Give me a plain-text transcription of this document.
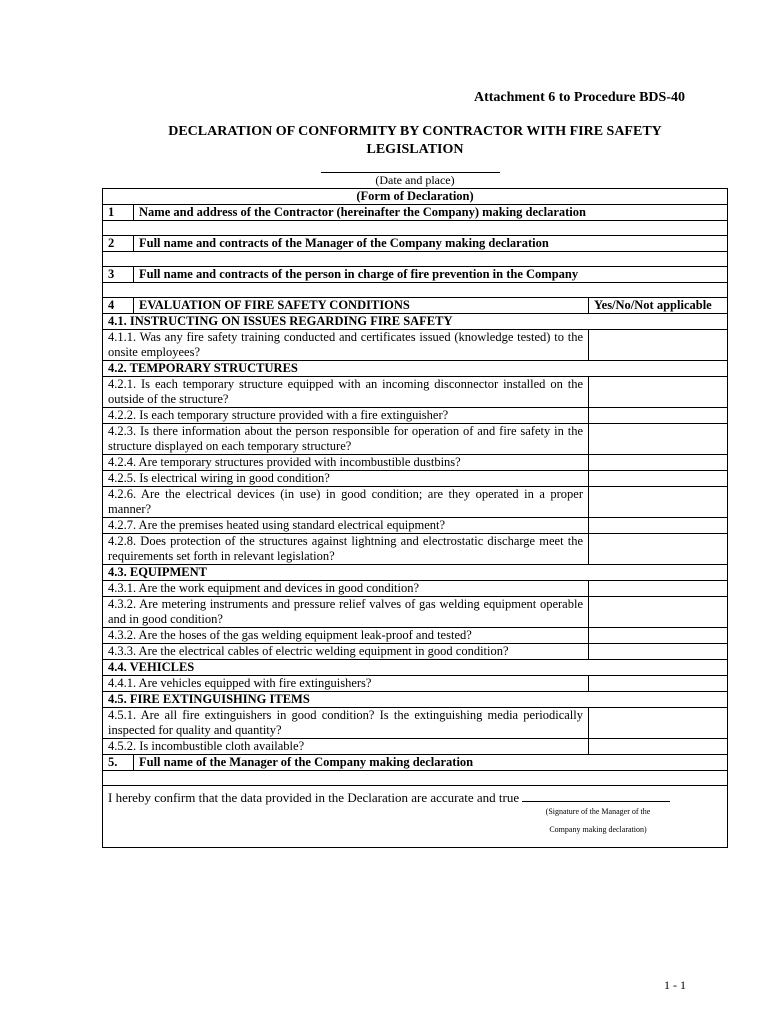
Attachment 6 to Procedure BDS-40
DECLARATION OF CONFORMITY BY CONTRACTOR WITH FIRE SAFETY
LEGISLATION
(Date and place)
(Form of Declaration)		
1	Name and address of the Contractor (hereinafter the Company) making declaration	

2	Full name and contracts of the Manager of the Company making declaration	

3	Full name and contracts of the person in charge of fire prevention in the Company	

4	EVALUATION OF FIRE SAFETY CONDITIONS	Yes/No/Not applicable
4.1. INSTRUCTING ON ISSUES REGARDING FIRE SAFETY		
4.1.1. Was any fire safety training conducted and certificates issued (knowledge tested) to the onsite employees?		
4.2. TEMPORARY STRUCTURES		
4.2.1. Is each temporary structure equipped with an incoming disconnector installed on the outside of the structure?		
4.2.2. Is each temporary structure provided with a fire extinguisher?		
4.2.3. Is there information about the person responsible for operation of and fire safety in the structure displayed on each temporary structure?		
4.2.4. Are temporary structures provided with incombustible dustbins?		
4.2.5. Is electrical wiring in good condition?		
4.2.6. Are the electrical devices (in use) in good condition; are they operated in a proper manner?		
4.2.7. Are the premises heated using standard electrical equipment?		
4.2.8. Does protection of the structures against lightning and electrostatic discharge meet the requirements set forth in relevant legislation?		
4.3. EQUIPMENT		
4.3.1. Are the work equipment and devices in good condition?		
4.3.2. Are metering instruments and pressure relief valves of gas welding equipment operable and in good condition?		
4.3.2. Are the hoses of the gas welding equipment leak-proof and tested?		
4.3.3. Are the electrical cables of electric welding equipment in good condition?		
4.4. VEHICLES		
4.4.1. Are vehicles equipped with fire extinguishers?		
4.5. FIRE EXTINGUISHING ITEMS		
4.5.1. Are all fire extinguishers in good condition? Is the extinguishing media periodically inspected for quality and quantity?		
4.5.2. Is incombustible cloth available?		
5.	Full name of the Manager of the Company making declaration	

I hereby confirm that the data provided in the Declaration are accurate and true
(Signature of the Manager of the
Company making declaration)		
1 - 1
